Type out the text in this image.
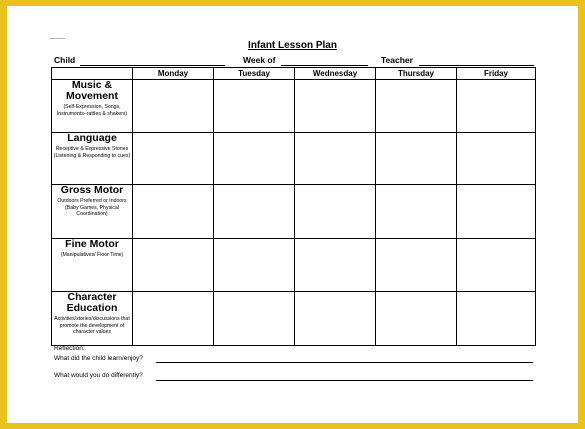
Infant Lesson Plan
Child	Week of	Teacher
	Monday	Tuesday	Wednesday	Thursday	Friday

Music & Movement
(Self-Expression, Songs, Instruments–rattles & shakers)					

Language
Receptive & Expressive Stories (Listening & Responding to cues)					

Gross Motor
Outdoors Preferred or Indoors (Baby Games, Physical Coordination)					

Fine Motor
(Manipulatives/ Floor Time)					

Character Education
Activities/stories/discussions that promote the development of character values					

Reflection:
What did the child learn/enjoy?
What would you do differently?
